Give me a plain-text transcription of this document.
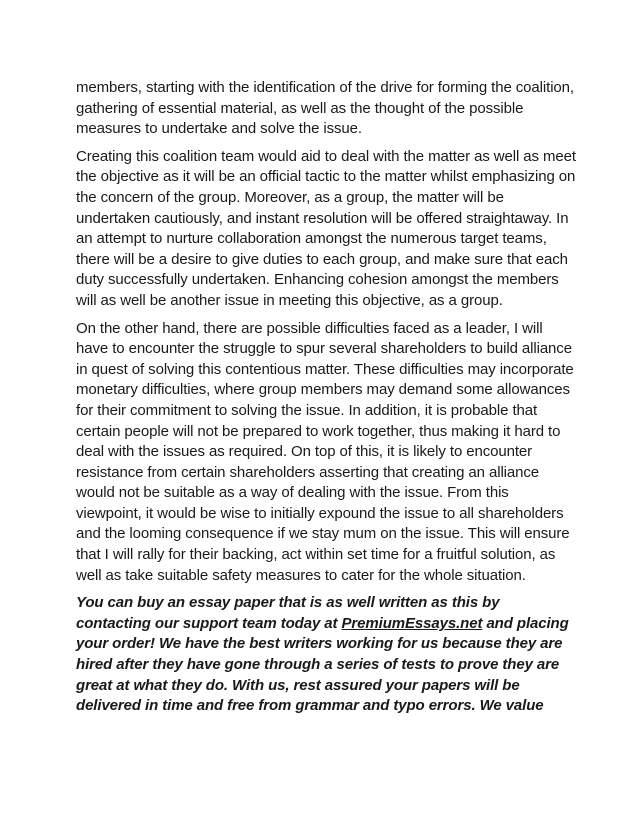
members, starting with the identification of the drive for forming the coalition, gathering of essential material, as well as the thought of the possible measures to undertake and solve the issue.

Creating this coalition team would aid to deal with the matter as well as meet the objective as it will be an official tactic to the matter whilst emphasizing on the concern of the group. Moreover, as a group, the matter will be undertaken cautiously, and instant resolution will be offered straightaway. In an attempt to nurture collaboration amongst the numerous target teams, there will be a desire to give duties to each group, and make sure that each duty successfully undertaken. Enhancing cohesion amongst the members will as well be another issue in meeting this objective, as a group.

On the other hand, there are possible difficulties faced as a leader, I will have to encounter the struggle to spur several shareholders to build alliance in quest of solving this contentious matter. These difficulties may incorporate monetary difficulties, where group members may demand some allowances for their commitment to solving the issue. In addition, it is probable that certain people will not be prepared to work together, thus making it hard to deal with the issues as required. On top of this, it is likely to encounter resistance from certain shareholders asserting that creating an alliance would not be suitable as a way of dealing with the issue. From this viewpoint, it would be wise to initially expound the issue to all shareholders and the looming consequence if we stay mum on the issue. This will ensure that I will rally for their backing, act within set time for a fruitful solution, as well as take suitable safety measures to cater for the whole situation.

You can buy an essay paper that is as well written as this by contacting our support team today at PremiumEssays.net and placing your order! We have the best writers working for us because they are hired after they have gone through a series of tests to prove they are great at what they do. With us, rest assured your papers will be delivered in time and free from grammar and typo errors. We value
